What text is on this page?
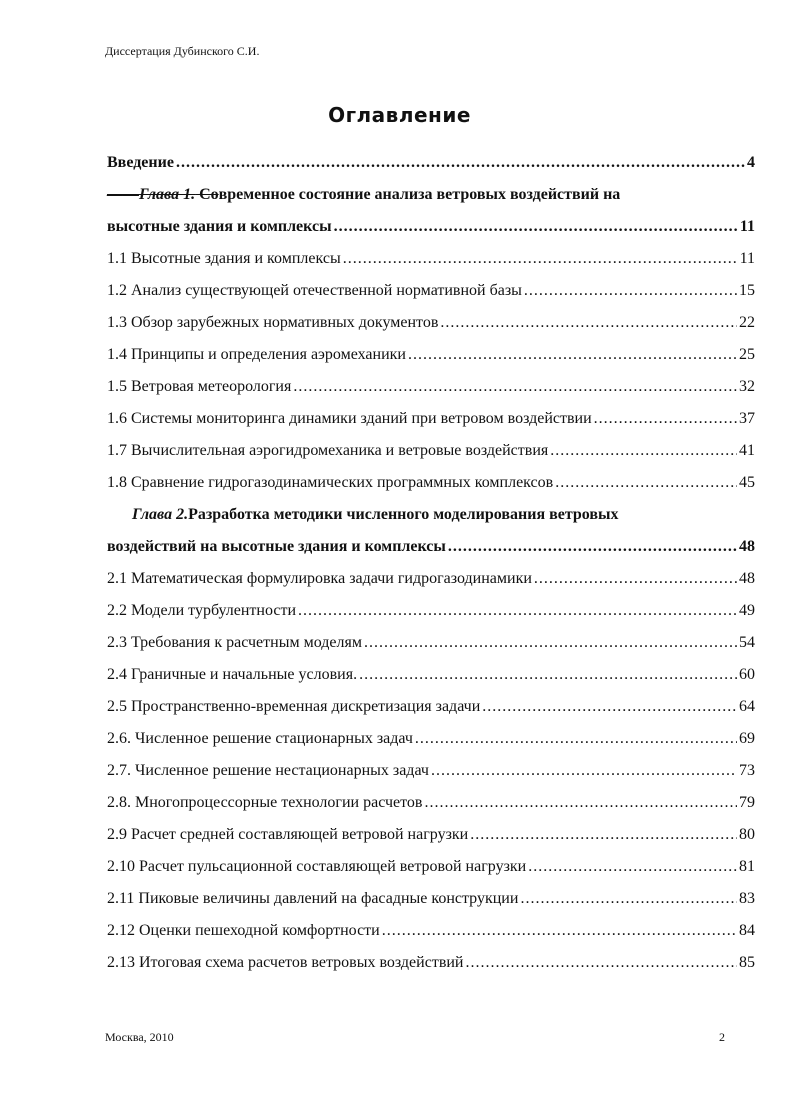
Диссертация Дубинского С.И.
Оглавление
Введение .....	4
——Глава 1. Со временное состояние анализа ветровых воздействий на
высотные здания и комплексы .....	11
1.1 Высотные здания и комплексы .....	11
1.2 Анализ существующей отечественной нормативной базы .....	15
1.3 Обзор зарубежных нормативных документов .....	22
1.4 Принципы и определения аэромеханики .....	25
1.5 Ветровая метеорология .....	32
1.6 Системы мониторинга динамики зданий при ветровом воздействии .....	37
1.7 Вычислительная аэрогидромеханика и ветровые воздействия .....	41
1.8 Сравнение гидрогазодинамических программных комплексов .....	45
Глава 2. Разработка методики численного моделирования ветровых
воздействий на высотные здания и комплексы .....	48
2.1 Математическая формулировка задачи гидрогазодинамики .....	48
2.2 Модели турбулентности .....	49
2.3 Требования к расчетным моделям .....	54
2.4 Граничные и начальные условия. .....	60
2.5 Пространственно-временная дискретизация задачи .....	64
2.6. Численное решение стационарных задач .....	69
2.7. Численное решение нестационарных задач .....	73
2.8. Многопроцессорные технологии расчетов .....	79
2.9 Расчет средней составляющей ветровой нагрузки .....	80
2.10 Расчет пульсационной составляющей ветровой нагрузки .....	81
2.11 Пиковые величины давлений на фасадные конструкции .....	83
2.12 Оценки пешеходной комфортности .....	84
2.13 Итоговая схема расчетов ветровых воздействий .....	85
Москва, 2010	2
